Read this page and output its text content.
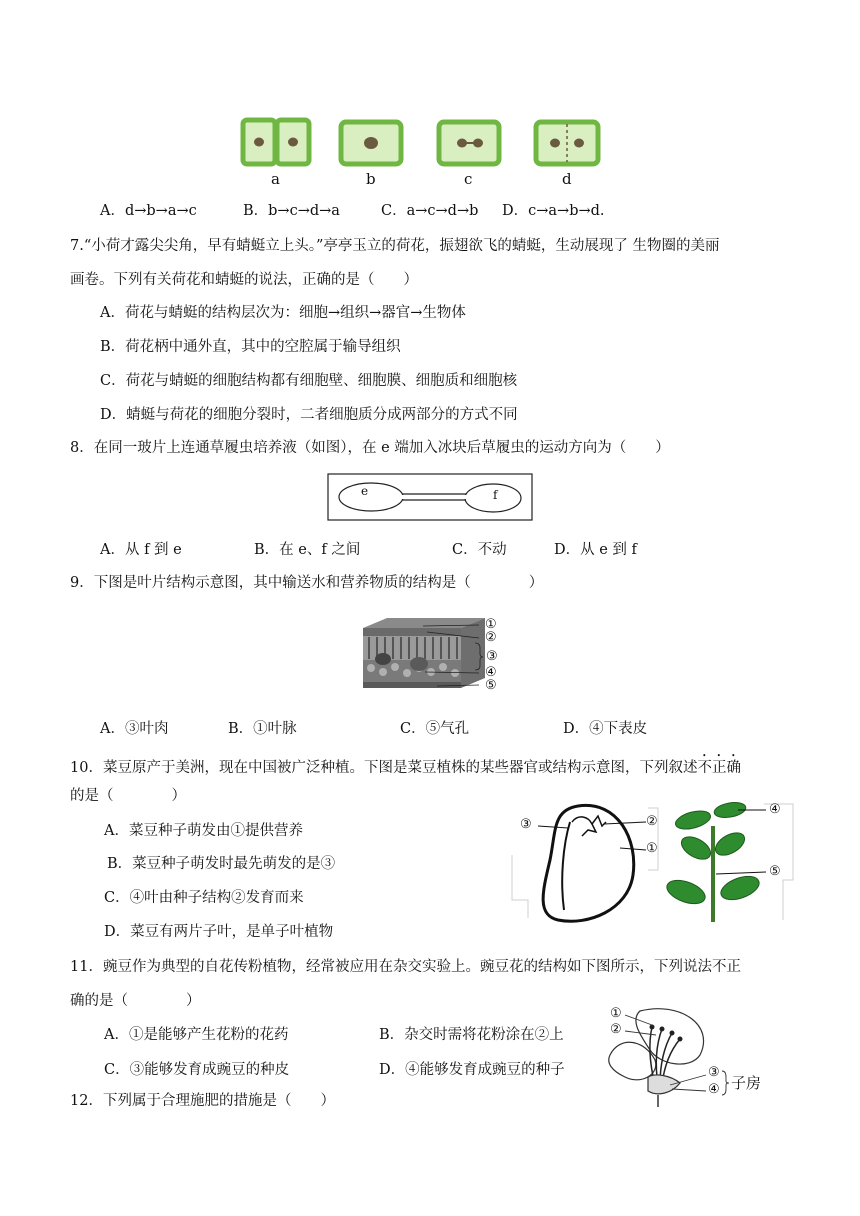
a	b	c	d
A．d→b→a→c	B．b→c→d→a	C．a→c→d→b D．c→a→b→d.
7.“小荷才露尖尖角，早有蜻蜓立上头。”亭亭玉立的荷花，振翅欲飞的蜻蜓，生动展现了 生物圈的美丽
画卷。下列有关荷花和蜻蜓的说法，正确的是（　　）
A．荷花与蜻蜓的结构层次为：细胞→组织→器官→生物体
B．荷花柄中通外直，其中的空腔属于输导组织
C．荷花与蜻蜓的细胞结构都有细胞壁、细胞膜、细胞质和细胞核
D．蜻蜓与荷花的细胞分裂时，二者细胞质分成两部分的方式不同
8．在同一玻片上连通草履虫培养液（如图），在 e 端加入冰块后草履虫的运动方向为（　　）
e	f
A．从 f 到 e	B．在 e、f 之间	C．不动	D．从 e 到 f
9．下图是叶片结构示意图，其中输送水和营养物质的结构是（　　　　）
①
②
③
④
⑤
A．③叶肉	B．①叶脉	C．⑤气孔	D．④下表皮
10．菜豆原产于美洲，现在中国被广泛种植。下图是菜豆植株的某些器官或结构示意图，下列叙述不正确
的是（　　　　）
A．菜豆种子萌发由①提供营养
B．菜豆种子萌发时最先萌发的是③
C．④叶由种子结构②发育而来
D．菜豆有两片子叶，是单子叶植物
③	②
①
④
⑤
11．豌豆作为典型的自花传粉植物，经常被应用在杂交实验上。豌豆花的结构如下图所示，下列说法不正
确的是（　　　　）
A．①是能够产生花粉的花药	B．杂交时需将花粉涂在②上
C．③能够发育成豌豆的种皮	D．④能够发育成豌豆的种子
①
②
③
④ 子房
12．下列属于合理施肥的措施是（　　）
